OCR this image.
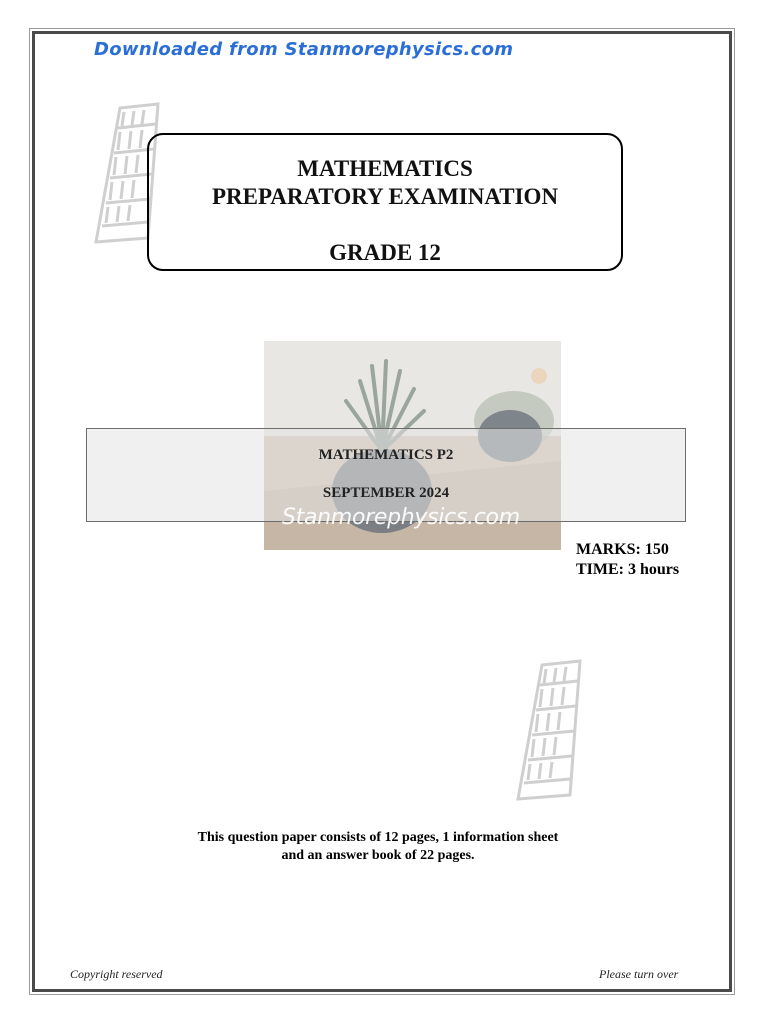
Downloaded from Stanmorephysics.com
MATHEMATICS
PREPARATORY EXAMINATION
GRADE 12
MATHEMATICS P2
SEPTEMBER 2024
Stanmorephysics.com
MARKS: 150
TIME: 3 hours
This question paper consists of 12 pages, 1 information sheet
and an answer book of 22 pages.
Copyright reserved	Please turn over
